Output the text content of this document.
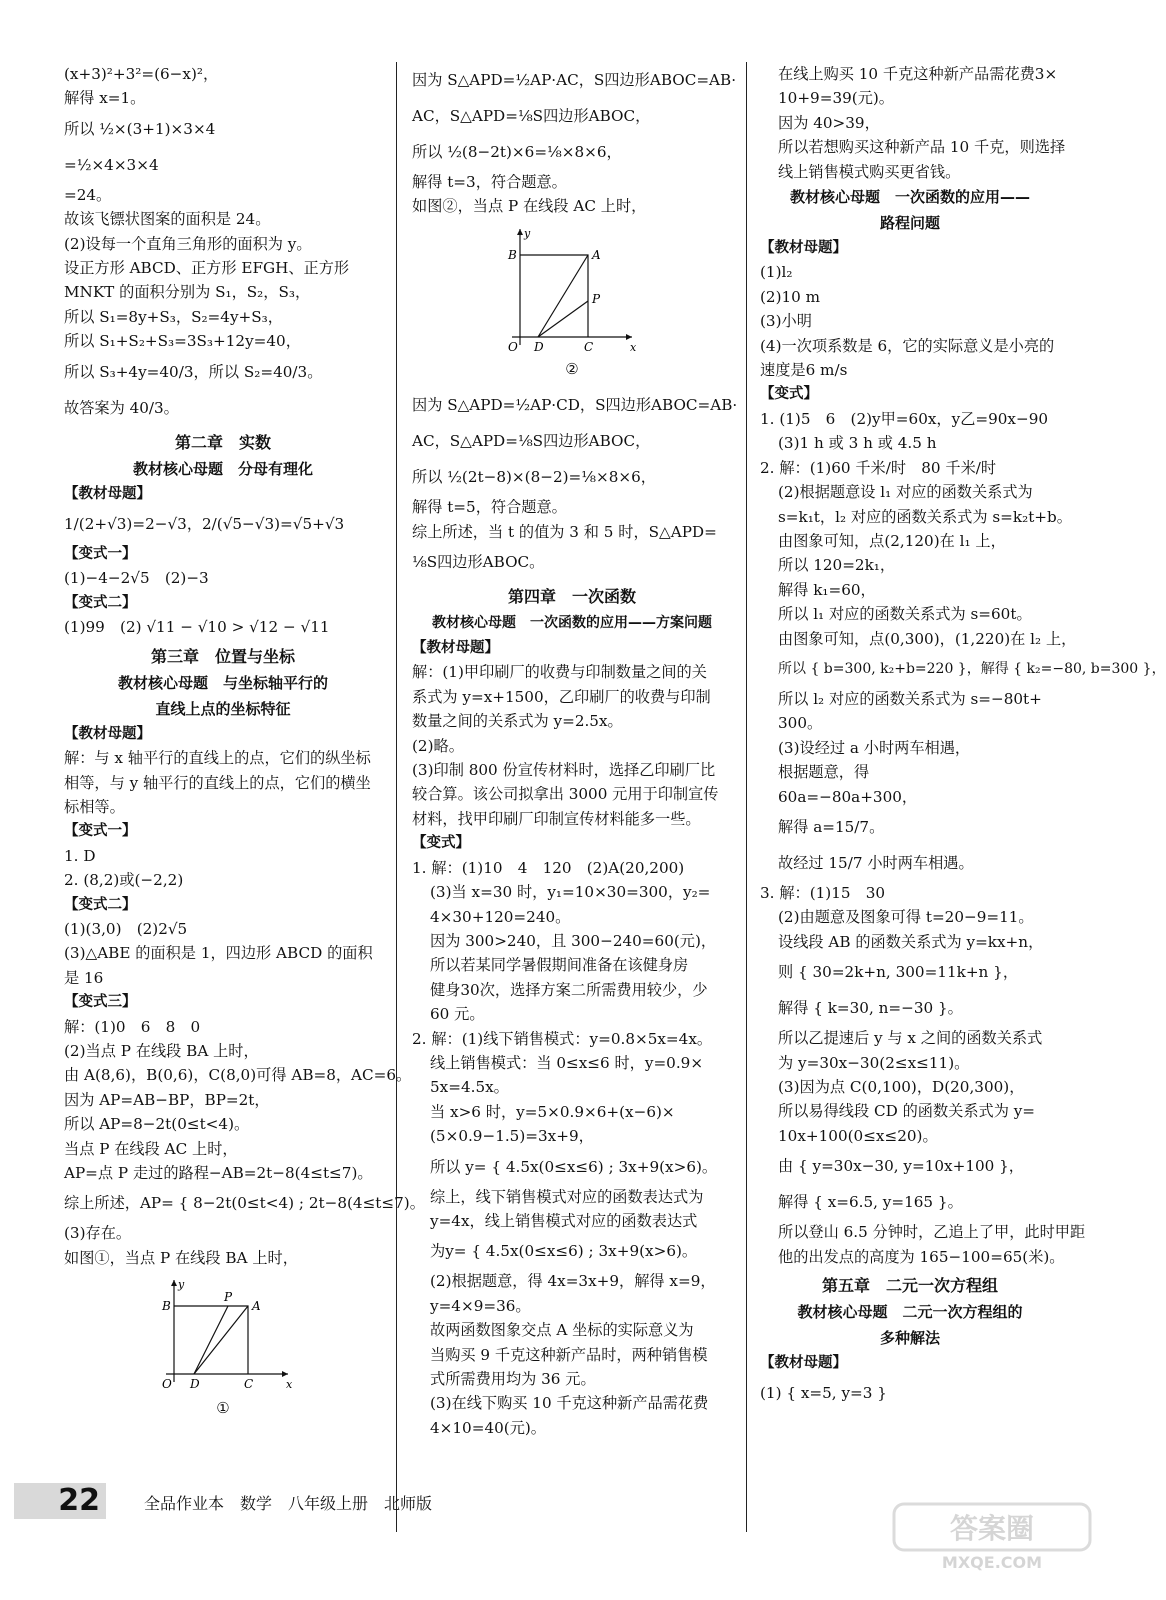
(x+3)²+3²=(6−x)²，
解得 x=1。
所以 ½×(3+1)×3×4
=½×4×3×4
=24。
故该飞镖状图案的面积是 24。
(2)设每一个直角三角形的面积为 y。
设正方形 ABCD、正方形 EFGH、正方形
MNKT 的面积分别为 S₁，S₂，S₃，
所以 S₁=8y+S₃，S₂=4y+S₃，
所以 S₁+S₂+S₃=3S₃+12y=40，
所以 S₃+4y=40/3，所以 S₂=40/3。
故答案为 40/3。
第二章　实数
教材核心母题　分母有理化
【教材母题】
1/(2+√3)=2−√3，2/(√5−√3)=√5+√3
【变式一】
(1)−4−2√5　(2)−3
【变式二】
(1)99　(2) √11 − √10 > √12 − √11
第三章　位置与坐标
教材核心母题　与坐标轴平行的
直线上点的坐标特征
【教材母题】
解：与 x 轴平行的直线上的点，它们的纵坐标
相等，与 y 轴平行的直线上的点，它们的横坐
标相等。
【变式一】
1. D
2. (8,2)或(−2,2)
【变式二】
(1)(3,0)　(2)2√5
(3)△ABE 的面积是 1，四边形 ABCD 的面积
是 16
【变式三】
解：(1)0　6　8　0
(2)当点 P 在线段 BA 上时，
由 A(8,6)，B(0,6)，C(8,0)可得 AB=8，AC=6。
因为 AP=AB−BP，BP=2t，
所以 AP=8−2t(0≤t<4)。
当点 P 在线段 AC 上时，
AP=点 P 走过的路程−AB=2t−8(4≤t≤7)。
综上所述，AP= { 8−2t(0≤t<4) ; 2t−8(4≤t≤7)。
(3)存在。
如图①，当点 P 在线段 BA 上时，
B
P
A
O D	C	x
y
①
因为 S△APD=½AP·AC，S四边形ABOC=AB·
AC，S△APD=⅛S四边形ABOC，
所以 ½(8−2t)×6=⅛×8×6，
解得 t=3，符合题意。
如图②，当点 P 在线段 AC 上时，
B	A
P
O D	C	x
y
②
因为 S△APD=½AP·CD，S四边形ABOC=AB·
AC，S△APD=⅛S四边形ABOC，
所以 ½(2t−8)×(8−2)=⅛×8×6，
解得 t=5，符合题意。
综上所述，当 t 的值为 3 和 5 时，S△APD=
⅛S四边形ABOC。
第四章　一次函数
教材核心母题　一次函数的应用——方案问题
【教材母题】
解：(1)甲印刷厂的收费与印制数量之间的关
系式为 y=x+1500，乙印刷厂的收费与印制
数量之间的关系式为 y=2.5x。
(2)略。
(3)印制 800 份宣传材料时，选择乙印刷厂比
较合算。该公司拟拿出 3000 元用于印制宣传
材料，找甲印刷厂印制宣传材料能多一些。
【变式】
1. 解：(1)10　4　120　(2)A(20,200)
(3)当 x=30 时，y₁=10×30=300，y₂=
4×30+120=240。
因为 300>240，且 300−240=60(元)，
所以若某同学暑假期间准备在该健身房
健身30次，选择方案二所需费用较少，少
60 元。
2. 解：(1)线下销售模式：y=0.8×5x=4x。
线上销售模式：当 0≤x≤6 时，y=0.9×
5x=4.5x。
当 x>6 时，y=5×0.9×6+(x−6)×
(5×0.9−1.5)=3x+9，
所以 y= { 4.5x(0≤x≤6) ; 3x+9(x>6)。
综上，线下销售模式对应的函数表达式为
y=4x，线上销售模式对应的函数表达式
为y= { 4.5x(0≤x≤6) ; 3x+9(x>6)。
(2)根据题意，得 4x=3x+9，解得 x=9，
y=4×9=36。
故两函数图象交点 A 坐标的实际意义为
当购买 9 千克这种新产品时，两种销售模
式所需费用均为 36 元。
(3)在线下购买 10 千克这种新产品需花费
4×10=40(元)。
在线上购买 10 千克这种新产品需花费3×
10+9=39(元)。
因为 40>39，
所以若想购买这种新产品 10 千克，则选择
线上销售模式购买更省钱。
教材核心母题　一次函数的应用——
路程问题
【教材母题】
(1)l₂
(2)10 m
(3)小明
(4)一次项系数是 6，它的实际意义是小亮的
速度是6 m/s
【变式】
1. (1)5　6　(2)y甲=60x，y乙=90x−90
(3)1 h 或 3 h 或 4.5 h
2. 解：(1)60 千米/时　80 千米/时
(2)根据题意设 l₁ 对应的函数关系式为
s=k₁t，l₂ 对应的函数关系式为 s=k₂t+b。
由图象可知，点(2,120)在 l₁ 上，
所以 120=2k₁，
解得 k₁=60，
所以 l₁ 对应的函数关系式为 s=60t。
由图象可知，点(0,300)，(1,220)在 l₂ 上，
所以 { b=300, k₂+b=220 }，解得 { k₂=−80, b=300 }，
所以 l₂ 对应的函数关系式为 s=−80t+
300。
(3)设经过 a 小时两车相遇，
根据题意，得
60a=−80a+300，
解得 a=15/7。
故经过 15/7 小时两车相遇。
3. 解：(1)15　30
(2)由题意及图象可得 t=20−9=11。
设线段 AB 的函数关系式为 y=kx+n，
则 { 30=2k+n, 300=11k+n }，
解得 { k=30, n=−30 }。
所以乙提速后 y 与 x 之间的函数关系式
为 y=30x−30(2≤x≤11)。
(3)因为点 C(0,100)，D(20,300)，
所以易得线段 CD 的函数关系式为 y=
10x+100(0≤x≤20)。
由 { y=30x−30, y=10x+100 }，
解得 { x=6.5, y=165 }。
所以登山 6.5 分钟时，乙追上了甲，此时甲距
他的出发点的高度为 165−100=65(米)。
第五章　二元一次方程组
教材核心母题　二元一次方程组的
多种解法
【教材母题】
(1) { x=5, y=3 }
22	全品作业本　数学　八年级上册　北师版
答案圈
MXQE.COM
